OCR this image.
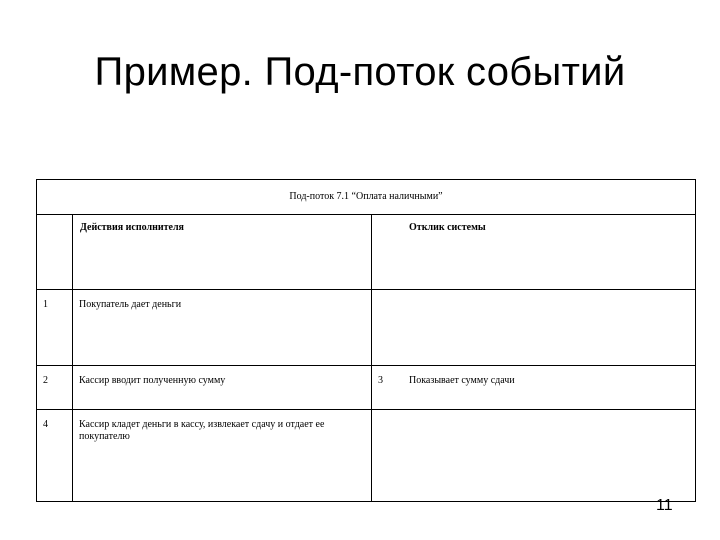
Пример. Под-поток событий
Под-поток 7.1 “Оплата наличными”		

	Действия исполнителя	Отклик системы

1	Покупатель дает деньги	

2	Кассир вводит полученную сумму	3 Показывает сумму сдачи

4	Кассир кладет деньги в кассу, извлекает сдачу и отдает ее покупателю	
11
